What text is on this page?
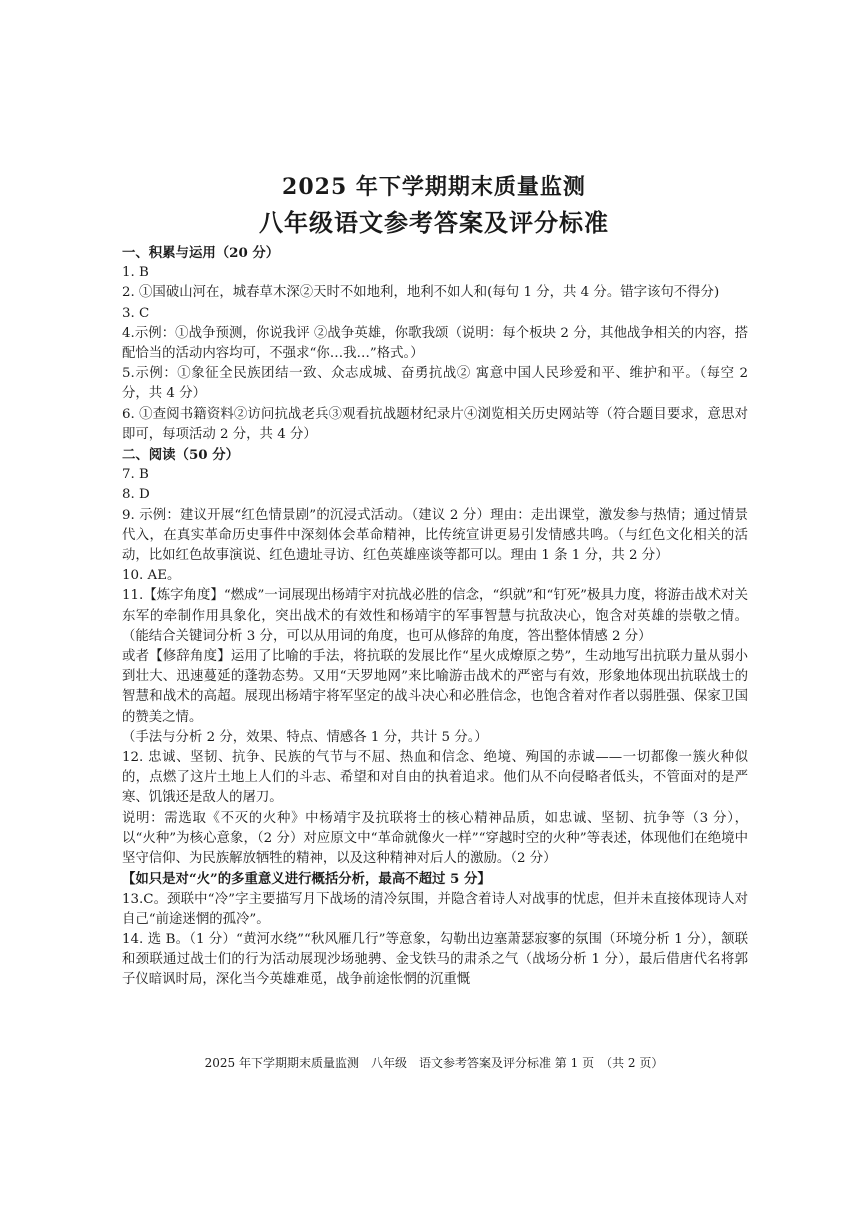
2025 年下学期期末质量监测
八年级语文参考答案及评分标准

一、积累与运用（20 分）

1. B

2. ①国破山河在，城春草木深②天时不如地利，地利不如人和(每句 1 分，共 4 分。错字该句不得分)

3. C

4.示例：①战争预测，你说我评 ②战争英雄，你歌我颂（说明：每个板块 2 分，其他战争相关的内容，搭配恰当的活动内容均可，不强求“你…我…”格式。）

5.示例：①象征全民族团结一致、众志成城、奋勇抗战② 寓意中国人民珍爱和平、维护和平。（每空 2 分，共 4 分）

6. ①查阅书籍资料②访问抗战老兵③观看抗战题材纪录片④浏览相关历史网站等（符合题目要求，意思对即可，每项活动 2 分，共 4 分）

二、阅读（50 分）

7. B

8. D

9. 示例：建议开展“红色情景剧”的沉浸式活动。（建议 2 分）理由：走出课堂，激发参与热情；通过情景代入，在真实革命历史事件中深刻体会革命精神，比传统宣讲更易引发情感共鸣。（与红色文化相关的活动，比如红色故事演说、红色遗址寻访、红色英雄座谈等都可以。理由 1 条 1 分，共 2 分）

10. AE。

11.【炼字角度】“燃成”一词展现出杨靖宇对抗战必胜的信念，“织就”和“钉死”极具力度，将游击战术对关东军的牵制作用具象化，突出战术的有效性和杨靖宇的军事智慧与抗敌决心，饱含对英雄的崇敬之情。 （能结合关键词分析 3 分，可以从用词的角度，也可从修辞的角度，答出整体情感 2 分）

或者【修辞角度】运用了比喻的手法，将抗联的发展比作“星火成燎原之势”，生动地写出抗联力量从弱小到壮大、迅速蔓延的蓬勃态势。又用“天罗地网”来比喻游击战术的严密与有效，形象地体现出抗联战士的智慧和战术的高超。展现出杨靖宇将军坚定的战斗决心和必胜信念，也饱含着对作者以弱胜强、保家卫国的赞美之情。

（手法与分析 2 分，效果、特点、情感各 1 分，共计 5 分。）

12. 忠诚、坚韧、抗争、民族的气节与不屈、热血和信念、绝境、殉国的赤诚——一切都像一簇火种似的，点燃了这片土地上人们的斗志、希望和对自由的执着追求。他们从不向侵略者低头，不管面对的是严寒、饥饿还是敌人的屠刀。

说明：需选取《不灭的火种》中杨靖宇及抗联将士的核心精神品质，如忠诚、坚韧、抗争等（3 分），以“火种”为核心意象，（2 分）对应原文中“革命就像火一样”“穿越时空的火种”等表述，体现他们在绝境中坚守信仰、为民族解放牺牲的精神，以及这种精神对后人的激励。（2 分）

【如只是对“火”的多重意义进行概括分析，最高不超过 5 分】

13.C。颈联中“冷”字主要描写月下战场的清冷氛围，并隐含着诗人对战事的忧虑，但并未直接体现诗人对自己“前途迷惘的孤冷”。

14. 选 B。（1 分）“黄河水绕”“秋风雁几行”等意象，勾勒出边塞萧瑟寂寥的氛围（环境分析 1 分），颔联和颈联通过战士们的行为活动展现沙场驰骋、金戈铁马的肃杀之气（战场分析 1 分），最后借唐代名将郭子仪暗讽时局，深化当今英雄难觅，战争前途怅惘的沉重慨

2025 年下学期期末质量监测　八年级　语文参考答案及评分标准 第 1 页　（共 2 页）
